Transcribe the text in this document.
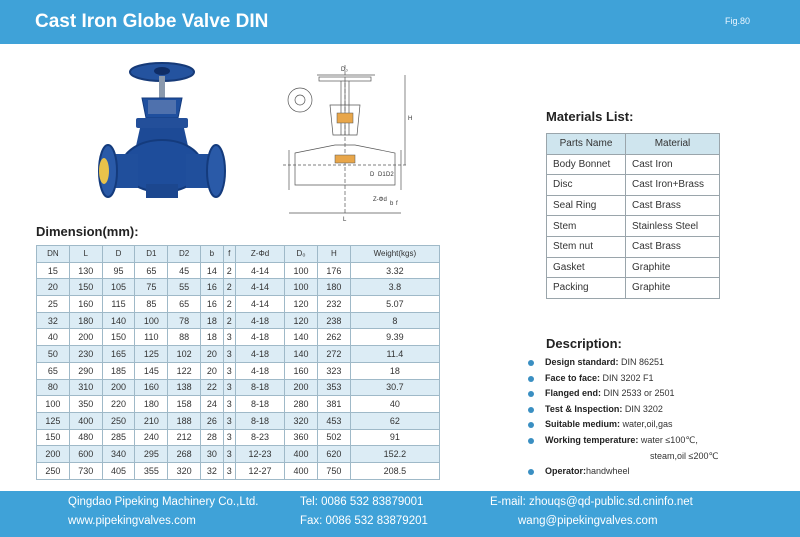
Cast Iron Globe Valve DIN	Fig.80
D₀
H
L
D D1 D2
Z-Φd
b f
Dimension(mm):
DN	L	D	D1	D2	b	f	Z-Φd	D₀	H	Weight(kgs)
15	130	95	65	45	14	2	4-14	100	176	3.32
20	150	105	75	55	16	2	4-14	100	180	3.8
25	160	115	85	65	16	2	4-14	120	232	5.07
32	180	140	100	78	18	2	4-18	120	238	8
40	200	150	110	88	18	3	4-18	140	262	9.39
50	230	165	125	102	20	3	4-18	140	272	11.4
65	290	185	145	122	20	3	4-18	160	323	18
80	310	200	160	138	22	3	8-18	200	353	30.7
100	350	220	180	158	24	3	8-18	280	381	40
125	400	250	210	188	26	3	8-18	320	453	62
150	480	285	240	212	28	3	8-23	360	502	91
200	600	340	295	268	30	3	12-23	400	620	152.2
250	730	405	355	320	32	3	12-27	400	750	208.5
Materials List:
Parts Name	Material
Body Bonnet	Cast Iron
Disc	Cast Iron+Brass
Seal Ring	Cast Brass
Stem	Stainless Steel
Stem nut	Cast Brass
Gasket	Graphite
Packing	Graphite
Description:
Design standard: DIN 86251
Face to face: DIN 3202 F1
Flanged end: DIN 2533 or 2501
Test & Inspection: DIN 3202
Suitable medium: water,oil,gas
Working temperature: water ≤100℃,
steam,oil ≤200℃
Operator:handwheel
Qingdao Pipeking Machinery Co.,Ltd.	Tel: 0086 532 83879001	E-mail: zhouqs@qd-public.sd.cninfo.net
www.pipekingvalves.com	Fax: 0086 532 83879201	wang@pipekingvalves.com
